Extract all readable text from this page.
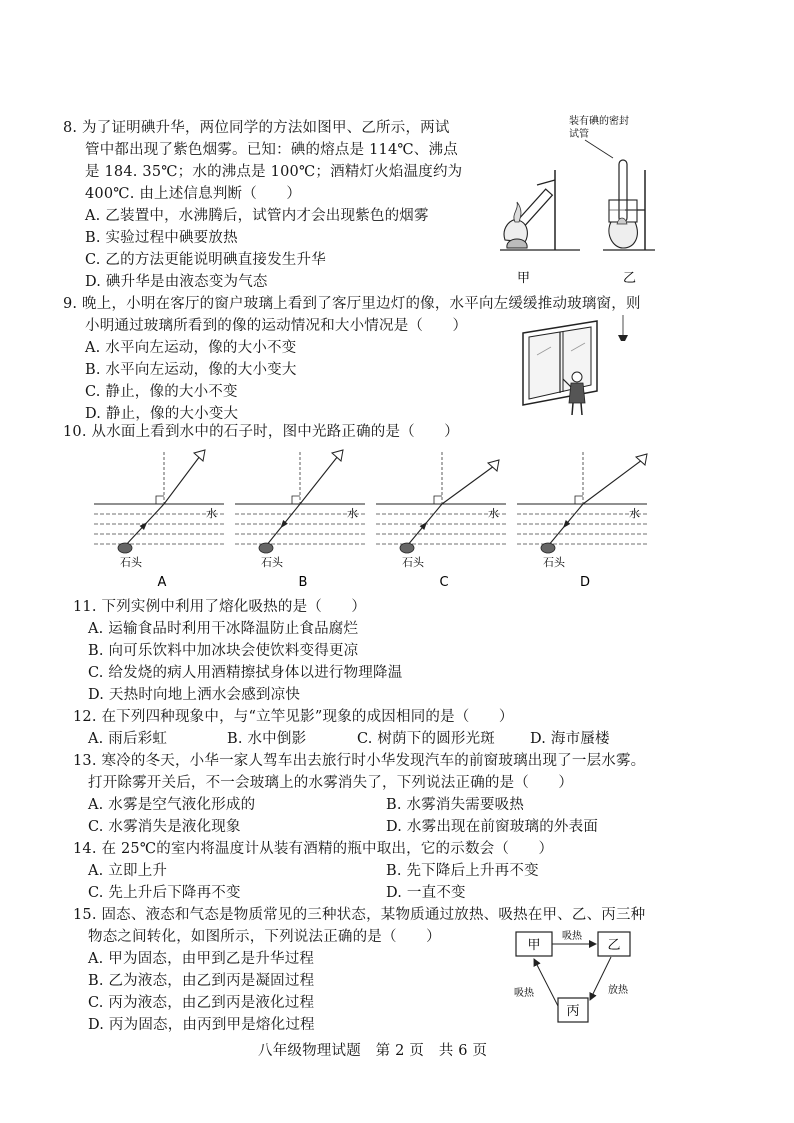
8. 为了证明碘升华，两位同学的方法如图甲、乙所示，两试
管中都出现了紫色烟雾。已知：碘的熔点是 114℃、沸点
是 184. 35℃；水的沸点是 100℃；酒精灯火焰温度约为
400℃. 由上述信息判断（　　）
A. 乙装置中，水沸腾后，试管内才会出现紫色的烟雾
B. 实验过程中碘要放热
C. 乙的方法更能说明碘直接发生升华
D. 碘升华是由液态变为气态
装有碘的密封
试管
甲	乙
9. 晚上，小明在客厅的窗户玻璃上看到了客厅里边灯的像，水平向左缓缓推动玻璃窗，则
小明通过玻璃所看到的像的运动情况和大小情况是（　　）
A. 水平向左运动，像的大小不变
B. 水平向左运动，像的大小变大
C. 静止，像的大小不变
D. 静止，像的大小变大
10. 从水面上看到水中的石子时，图中光路正确的是（　　）
水
石头
A
水
石头
B
水
石头
C
水
石头
D
11. 下列实例中利用了熔化吸热的是（　　）
A. 运输食品时利用干冰降温防止食品腐烂
B. 向可乐饮料中加冰块会使饮料变得更凉
C. 给发烧的病人用酒精擦拭身体以进行物理降温
D. 天热时向地上洒水会感到凉快
12. 在下列四种现象中，与“立竿见影”现象的成因相同的是（　　）
A. 雨后彩虹	B. 水中倒影	C. 树荫下的圆形光斑 D. 海市蜃楼
13. 寒冷的冬天，小华一家人驾车出去旅行时小华发现汽车的前窗玻璃出现了一层水雾。
打开除雾开关后，不一会玻璃上的水雾消失了，下列说法正确的是（　　）
A. 水雾是空气液化形成的	B. 水雾消失需要吸热
C. 水雾消失是液化现象	D. 水雾出现在前窗玻璃的外表面
14. 在 25℃的室内将温度计从装有酒精的瓶中取出，它的示数会（　　）
A. 立即上升	B. 先下降后上升再不变
C. 先上升后下降再不变	D. 一直不变
15. 固态、液态和气态是物质常见的三种状态，某物质通过放热、吸热在甲、乙、丙三种
物态之间转化，如图所示，下列说法正确的是（　　）
A. 甲为固态，由甲到乙是升华过程
B. 乙为液态，由乙到丙是凝固过程
C. 丙为液态，由乙到丙是液化过程
D. 丙为固态，由丙到甲是熔化过程
甲	乙
丙
吸热
放热
吸热
八年级物理试题　第 2 页　共 6 页
